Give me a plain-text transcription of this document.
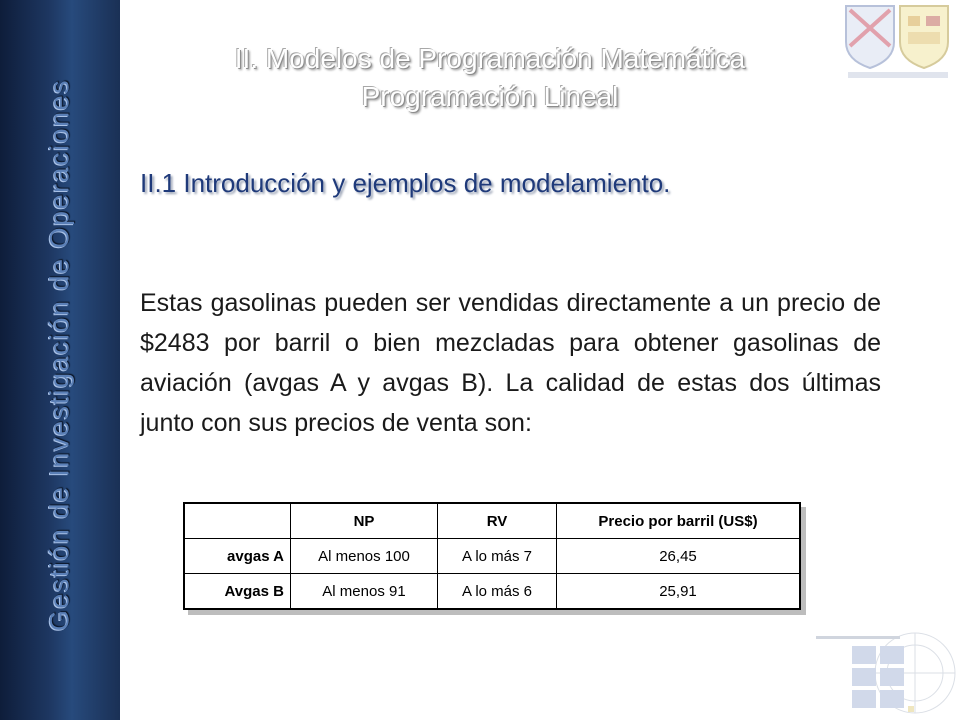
Gestión de Investigación de Operaciones
II. Modelos de Programación Matemática
Programación Lineal
II.1 Introducción y ejemplos de modelamiento.
Estas gasolinas pueden ser vendidas directamente a un precio de $2483 por barril o bien mezcladas para obtener gasolinas de aviación (avgas A y avgas B). La calidad de estas dos últimas junto con sus precios de venta son:
	NP	RV	Precio por barril (US$)
avgas A	Al menos 100	A lo más 7	26,45
Avgas B	Al menos 91	A lo más 6	25,91
